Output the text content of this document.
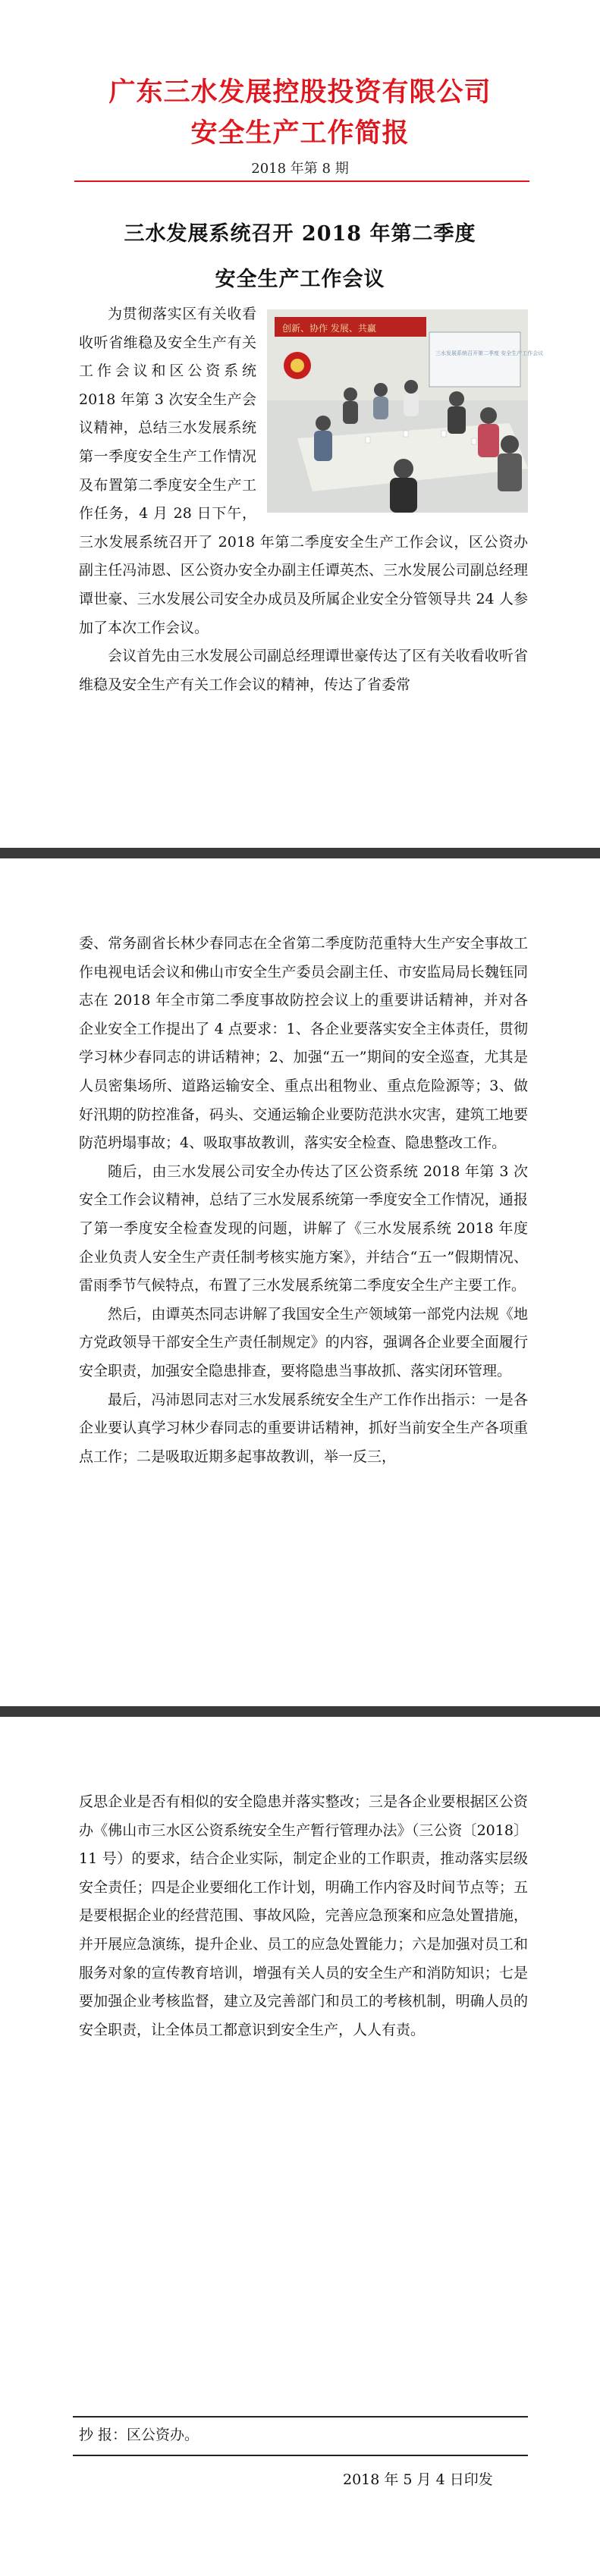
广东三水发展控股投资有限公司
安全生产工作简报
2018 年第 8 期
三水发展系统召开 2018 年第二季度
安全生产工作会议
创新、协作 发展、共赢
三水发展系统召开第二季度 安全生产工作会议

为贯彻落实区有关收看收听省维稳及安全生产有关工作会议和区公资系统 2018 年第 3 次安全生产会议精神，总结三水发展系统第一季度安全生产工作情况及布置第二季度安全生产工作任务，4 月 28 日下午，三水发展系统召开了 2018 年第二季度安全生产工作会议，区公资办副主任冯沛恩、区公资办安全办副主任谭英杰、三水发展公司副总经理谭世豪、三水发展公司安全办成员及所属企业安全分管领导共 24 人参加了本次工作会议。

会议首先由三水发展公司副总经理谭世豪传达了区有关收看收听省维稳及安全生产有关工作会议的精神，传达了省委常

委、常务副省长林少春同志在全省第二季度防范重特大生产安全事故工作电视电话会议和佛山市安全生产委员会副主任、市安监局局长魏钰同志在 2018 年全市第二季度事故防控会议上的重要讲话精神，并对各企业安全工作提出了 4 点要求：1、各企业要落实安全主体责任，贯彻学习林少春同志的讲话精神；2、加强“五一”期间的安全巡查，尤其是人员密集场所、道路运输安全、重点出租物业、重点危险源等；3、做好汛期的防控准备，码头、交通运输企业要防范洪水灾害，建筑工地要防范坍塌事故；4、吸取事故教训，落实安全检查、隐患整改工作。

随后，由三水发展公司安全办传达了区公资系统 2018 年第 3 次安全工作会议精神，总结了三水发展系统第一季度安全工作情况，通报了第一季度安全检查发现的问题，讲解了《三水发展系统 2018 年度企业负责人安全生产责任制考核实施方案》，并结合“五一”假期情况、雷雨季节气候特点，布置了三水发展系统第二季度安全生产主要工作。

然后，由谭英杰同志讲解了我国安全生产领域第一部党内法规《地方党政领导干部安全生产责任制规定》的内容，强调各企业要全面履行安全职责，加强安全隐患排查，要将隐患当事故抓、落实闭环管理。

最后，冯沛恩同志对三水发展系统安全生产工作作出指示：一是各企业要认真学习林少春同志的重要讲话精神，抓好当前安全生产各项重点工作；二是吸取近期多起事故教训，举一反三，

反思企业是否有相似的安全隐患并落实整改；三是各企业要根据区公资办《佛山市三水区公资系统安全生产暂行管理办法》（三公资〔2018〕11 号）的要求，结合企业实际，制定企业的工作职责，推动落实层级安全责任；四是企业要细化工作计划，明确工作内容及时间节点等；五是要根据企业的经营范围、事故风险，完善应急预案和应急处置措施，并开展应急演练，提升企业、员工的应急处置能力；六是加强对员工和服务对象的宣传教育培训，增强有关人员的安全生产和消防知识；七是要加强企业考核监督，建立及完善部门和员工的考核机制，明确人员的安全职责，让全体员工都意识到安全生产，人人有责。

抄 报：区公资办。
2018 年 5 月 4 日印发
